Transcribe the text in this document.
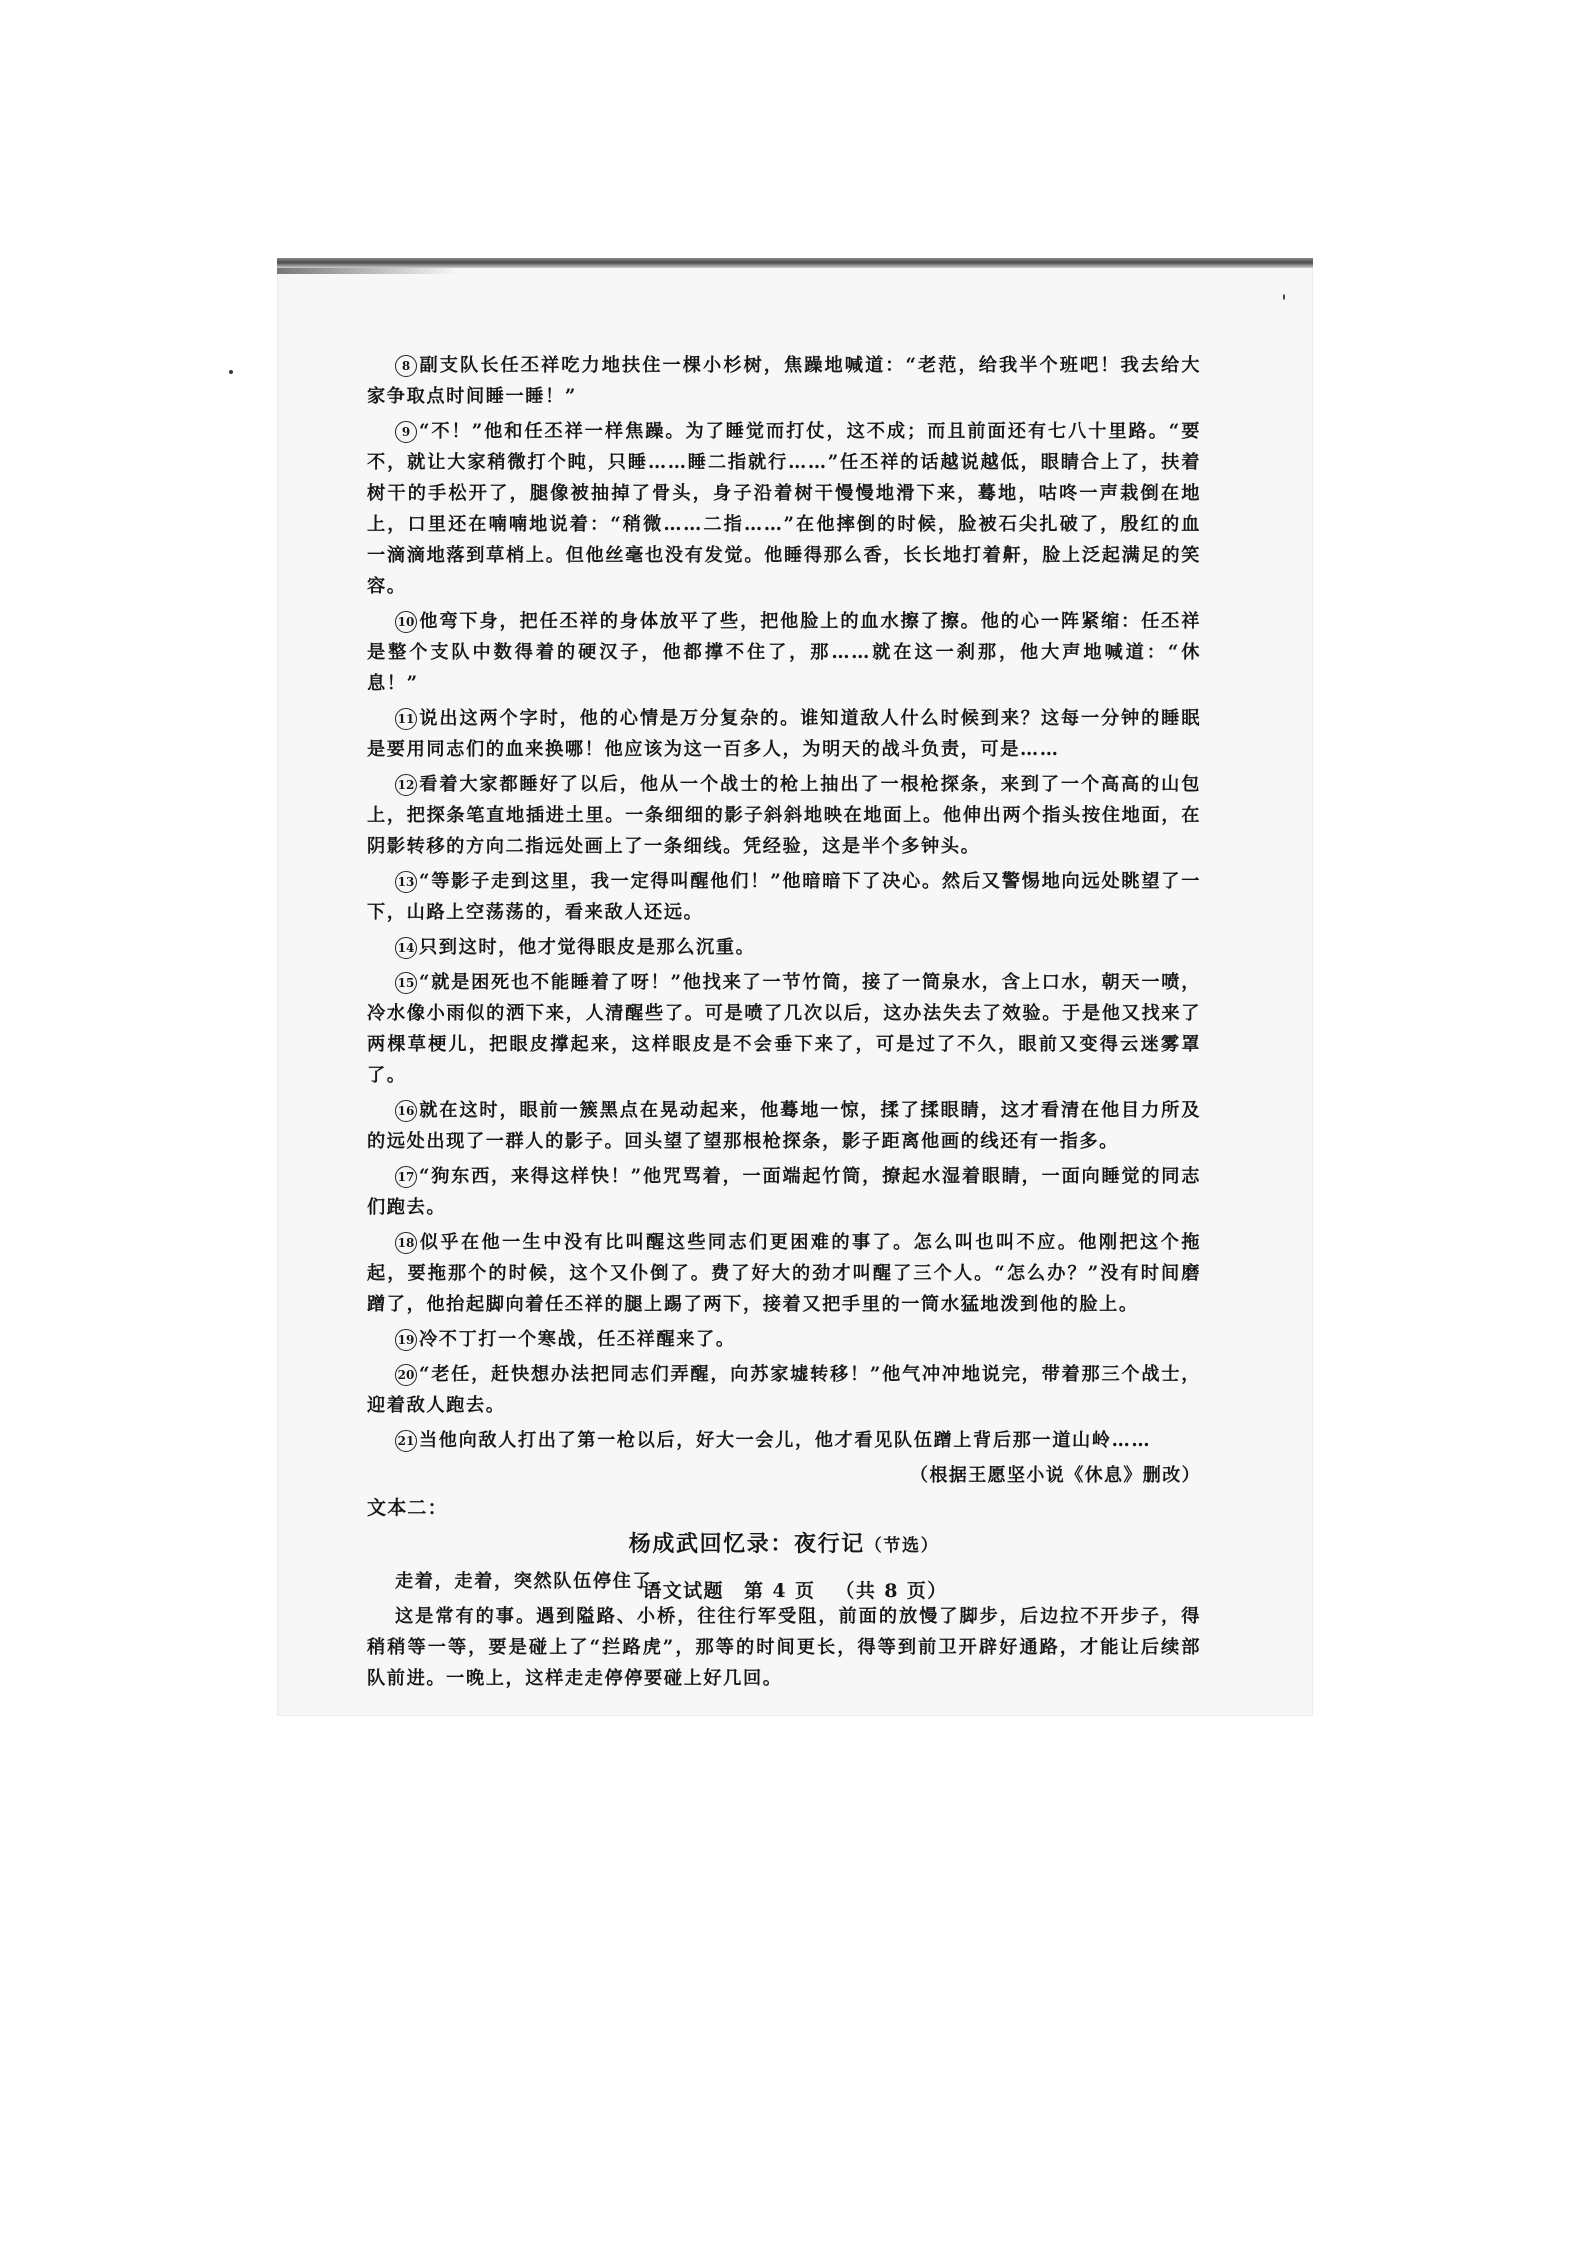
8 副支队长任丕祥吃力地扶住一棵小杉树，焦躁地喊道：“老范，给我半个班吧！我去给大家争取点时间睡一睡！”

9 “不！”他和任丕祥一样焦躁。为了睡觉而打仗，这不成；而且前面还有七八十里路。“要不，就让大家稍微打个盹，只睡……睡二指就行……”任丕祥的话越说越低，眼睛合上了，扶着树干的手松开了，腿像被抽掉了骨头，身子沿着树干慢慢地滑下来，蓦地，咕咚一声栽倒在地上，口里还在喃喃地说着：“稍微……二指……”在他摔倒的时候，脸被石尖扎破了，殷红的血一滴滴地落到草梢上。但他丝毫也没有发觉。他睡得那么香，长长地打着鼾，脸上泛起满足的笑容。

10 他弯下身，把任丕祥的身体放平了些，把他脸上的血水擦了擦。他的心一阵紧缩：任丕祥是整个支队中数得着的硬汉子，他都撑不住了，那……就在这一刹那，他大声地喊道：“休息！”

11 说出这两个字时，他的心情是万分复杂的。谁知道敌人什么时候到来？这每一分钟的睡眠是要用同志们的血来换哪！他应该为这一百多人，为明天的战斗负责，可是……

12 看着大家都睡好了以后，他从一个战士的枪上抽出了一根枪探条，来到了一个高高的山包上，把探条笔直地插进土里。一条细细的影子斜斜地映在地面上。他伸出两个指头按住地面，在阴影转移的方向二指远处画上了一条细线。凭经验，这是半个多钟头。

13 “等影子走到这里，我一定得叫醒他们！”他暗暗下了决心。然后又警惕地向远处眺望了一下，山路上空荡荡的，看来敌人还远。

14 只到这时，他才觉得眼皮是那么沉重。

15 “就是困死也不能睡着了呀！”他找来了一节竹筒，接了一筒泉水，含上口水，朝天一喷，冷水像小雨似的洒下来，人清醒些了。可是喷了几次以后，这办法失去了效验。于是他又找来了两棵草梗儿，把眼皮撑起来，这样眼皮是不会垂下来了，可是过了不久，眼前又变得云迷雾罩了。

16 就在这时，眼前一簇黑点在晃动起来，他蓦地一惊，揉了揉眼睛，这才看清在他目力所及的远处出现了一群人的影子。回头望了望那根枪探条，影子距离他画的线还有一指多。

17 “狗东西，来得这样快！”他咒骂着，一面端起竹筒，撩起水湿着眼睛，一面向睡觉的同志们跑去。

18 似乎在他一生中没有比叫醒这些同志们更困难的事了。怎么叫也叫不应。他刚把这个拖起，要拖那个的时候，这个又仆倒了。费了好大的劲才叫醒了三个人。“怎么办？”没有时间磨蹭了，他抬起脚向着任丕祥的腿上踢了两下，接着又把手里的一筒水猛地泼到他的脸上。

19 冷不丁打一个寒战，任丕祥醒来了。

20 “老任，赶快想办法把同志们弄醒，向苏家墟转移！”他气冲冲地说完，带着那三个战士，迎着敌人跑去。

21 当他向敌人打出了第一枪以后，好大一会儿，他才看见队伍蹭上背后那一道山岭……

（根据王愿坚小说《休息》删改）

文本二：

杨成武回忆录：夜行记（节选）

走着，走着，突然队伍停住了。

这是常有的事。遇到隘路、小桥，往往行军受阻，前面的放慢了脚步，后边拉不开步子，得稍稍等一等，要是碰上了“拦路虎”，那等的时间更长，得等到前卫开辟好通路，才能让后续部队前进。一晚上，这样走走停停要碰上好几回。

语文试题 第 4 页 （共 8 页）
